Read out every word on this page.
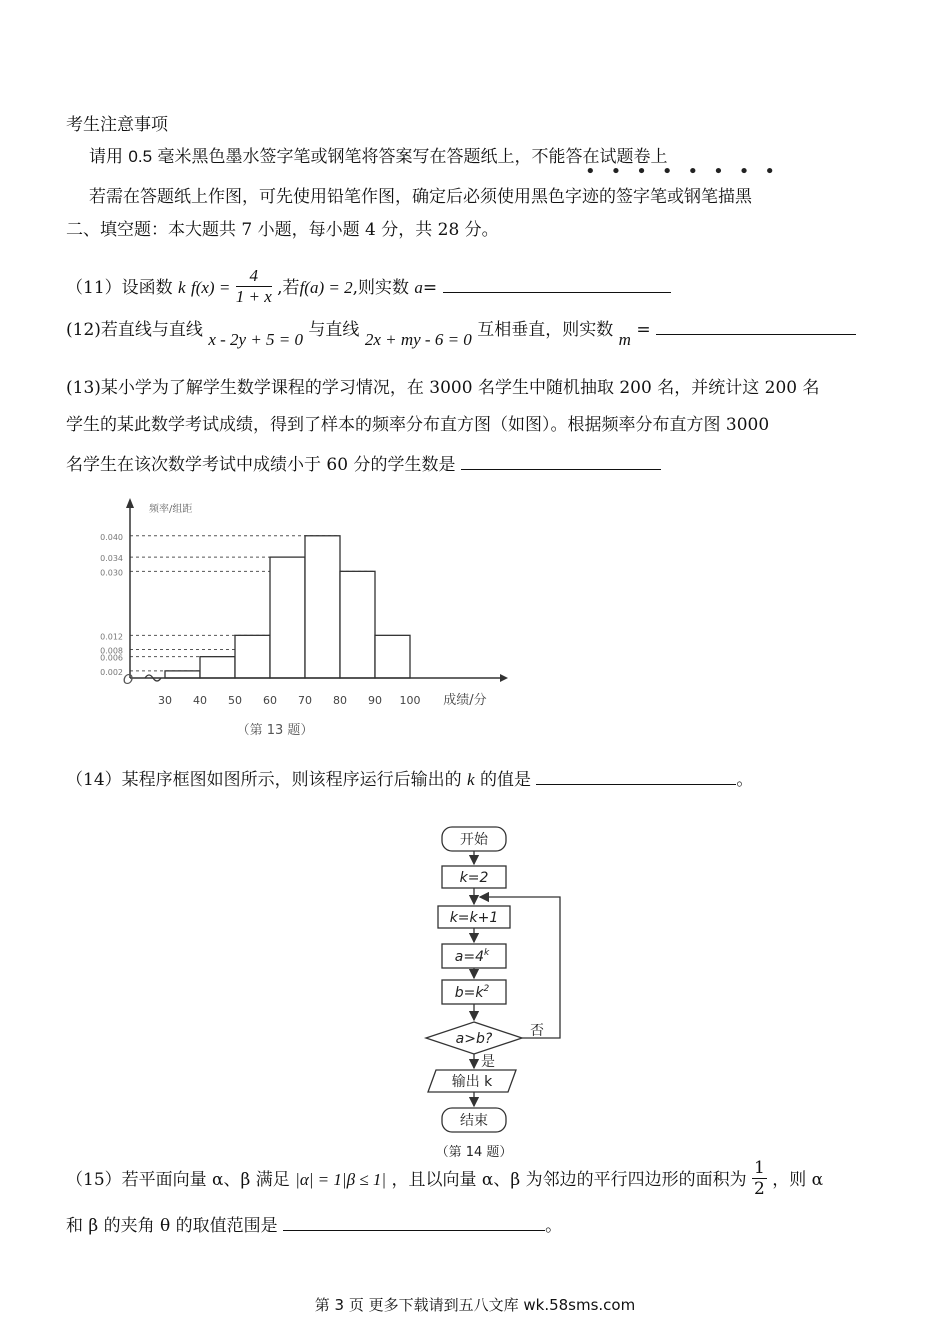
考生注意事项
请用 0.5 毫米黑色墨水签字笔或钢笔将答案写在答题纸上，不能答在试题卷上
••••••••
若需在答题纸上作图，可先使用铅笔作图，确定后必须使用黑色字迹的签字笔或钢笔描黑
二、填空题：本大题共 7 小题，每小题 4 分，共 28 分。
（11）设函数 k $f(x) = \frac{4}{1 + x}$ ,若f(a) = 2,则实数 a=
(12)若直线与直线 x - 2y + 5 = 0 与直线 2x + my - 6 = 0 互相垂直，则实数 m =
(13)某小学为了解学生数学课程的学习情况，在 3000 名学生中随机抽取 200 名，并统计这 200 名
学生的某此数学考试成绩，得到了样本的频率分布直方图（如图）。根据频率分布直方图 3000
名学生在该次数学考试中成绩小于 60 分的学生数是
0.040
0.034
0.030
0.012
0.008
0.006
0.002
30 40 50 60 70 80 90 100
O
频率/组距
成绩/分
（第 13 题）
（14）某程序框图如图所示，则该程序运行后输出的 k 的值是	。
开始
k=2
k=k+1
$a=4^k$
$b=k^2$
a>b?	否
是
输出 k
结束
（第 14 题）
（15）若平面向量 α、β 满足 |α| = 1|β ≤ 1| ，且以向量 α、β 为邻边的平行四边形的面积为 $\frac{1}{2}$ ，则 α
和 β 的夹角 θ 的取值范围是	。
第 3 页 更多下载请到五八文库 wk.58sms.com
